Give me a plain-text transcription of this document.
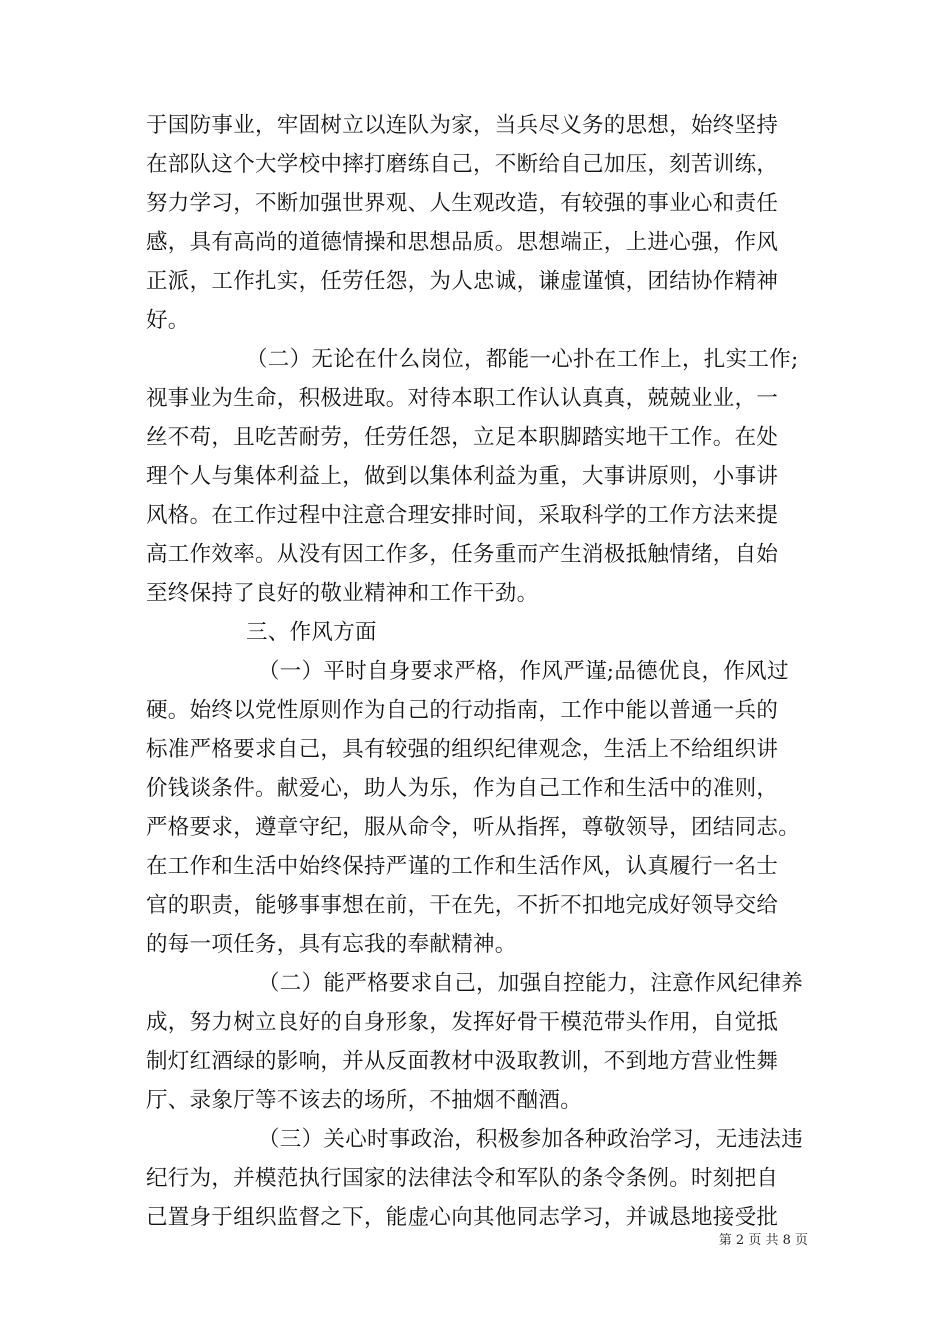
于国防事业，牢固树立以连队为家，当兵尽义务的思想，始终坚持
在部队这个大学校中摔打磨练自己，不断给自己加压，刻苦训练，
努力学习，不断加强世界观、人生观改造，有较强的事业心和责任
感，具有高尚的道德情操和思想品质。思想端正，上进心强，作风
正派，工作扎实，任劳任怨，为人忠诚，谦虚谨慎，团结协作精神
好。
（二）无论在什么岗位，都能一心扑在工作上，扎实工作;
视事业为生命，积极进取。对待本职工作认认真真，兢兢业业，一
丝不苟，且吃苦耐劳，任劳任怨，立足本职脚踏实地干工作。在处
理个人与集体利益上，做到以集体利益为重，大事讲原则，小事讲
风格。在工作过程中注意合理安排时间，采取科学的工作方法来提
高工作效率。从没有因工作多，任务重而产生消极抵触情绪，自始
至终保持了良好的敬业精神和工作干劲。
三、作风方面
（一）平时自身要求严格，作风严谨;品德优良，作风过
硬。始终以党性原则作为自己的行动指南，工作中能以普通一兵的
标准严格要求自己，具有较强的组织纪律观念，生活上不给组织讲
价钱谈条件。献爱心，助人为乐，作为自己工作和生活中的准则，
严格要求，遵章守纪，服从命令，听从指挥，尊敬领导，团结同志。
在工作和生活中始终保持严谨的工作和生活作风，认真履行一名士
官的职责，能够事事想在前，干在先，不折不扣地完成好领导交给
的每一项任务，具有忘我的奉献精神。
（二）能严格要求自己，加强自控能力，注意作风纪律养
成，努力树立良好的自身形象，发挥好骨干模范带头作用，自觉抵
制灯红酒绿的影响，并从反面教材中汲取教训，不到地方营业性舞
厅、录象厅等不该去的场所，不抽烟不酗酒。
（三）关心时事政治，积极参加各种政治学习，无违法违
纪行为，并模范执行国家的法律法令和军队的条令条例。时刻把自
己置身于组织监督之下，能虚心向其他同志学习，并诚恳地接受批
第 2 页 共 8 页
